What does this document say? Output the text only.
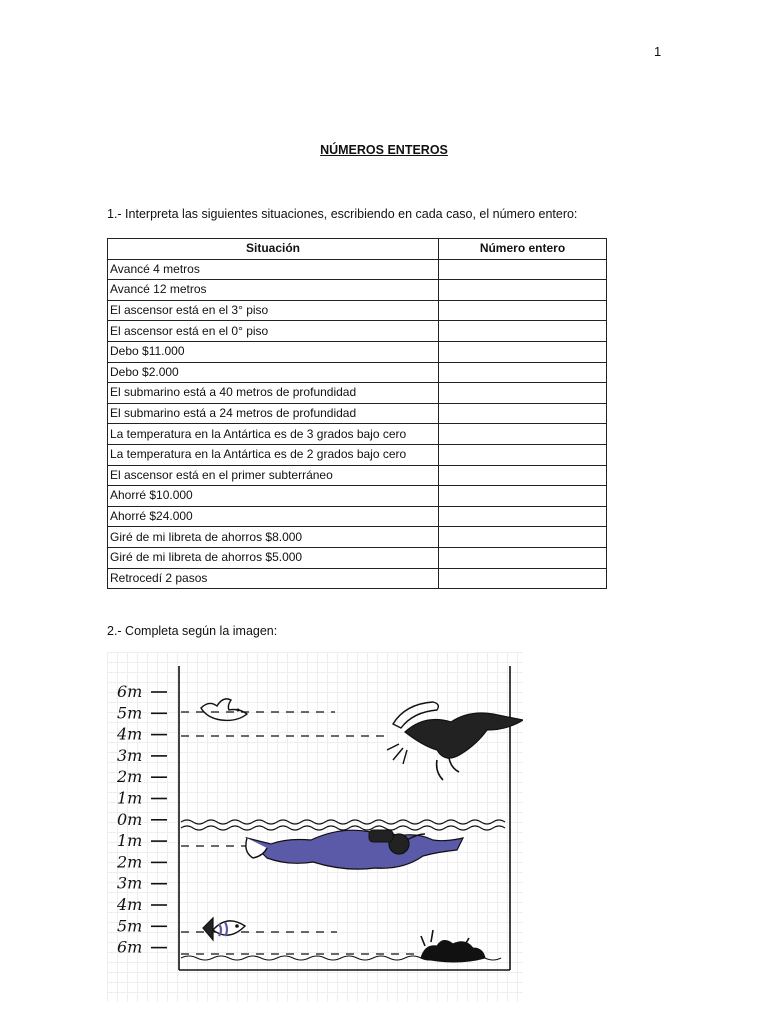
1
NÚMEROS ENTEROS
1.- Interpreta las siguientes situaciones, escribiendo en cada caso, el número entero:
Situación	Número entero
Avancé 4 metros	
Avancé 12 metros	
El ascensor está en el 3° piso	
El ascensor está en el 0° piso	
Debo $11.000	
Debo $2.000	
El submarino está a 40 metros de profundidad	
El submarino está a 24 metros de profundidad	
La temperatura en la Antártica es de 3 grados bajo cero	
La temperatura en la Antártica es de 2 grados bajo cero	
El ascensor está en el primer subterráneo	
Ahorré $10.000	
Ahorré $24.000	
Giré de mi libreta de ahorros $8.000	
Giré de mi libreta de ahorros $5.000	
Retrocedí 2 pasos	
2.- Completa según la imagen:
6m
5m
4m
3m
2m
1m
0m
1m
2m
3m
4m
5m
6m
